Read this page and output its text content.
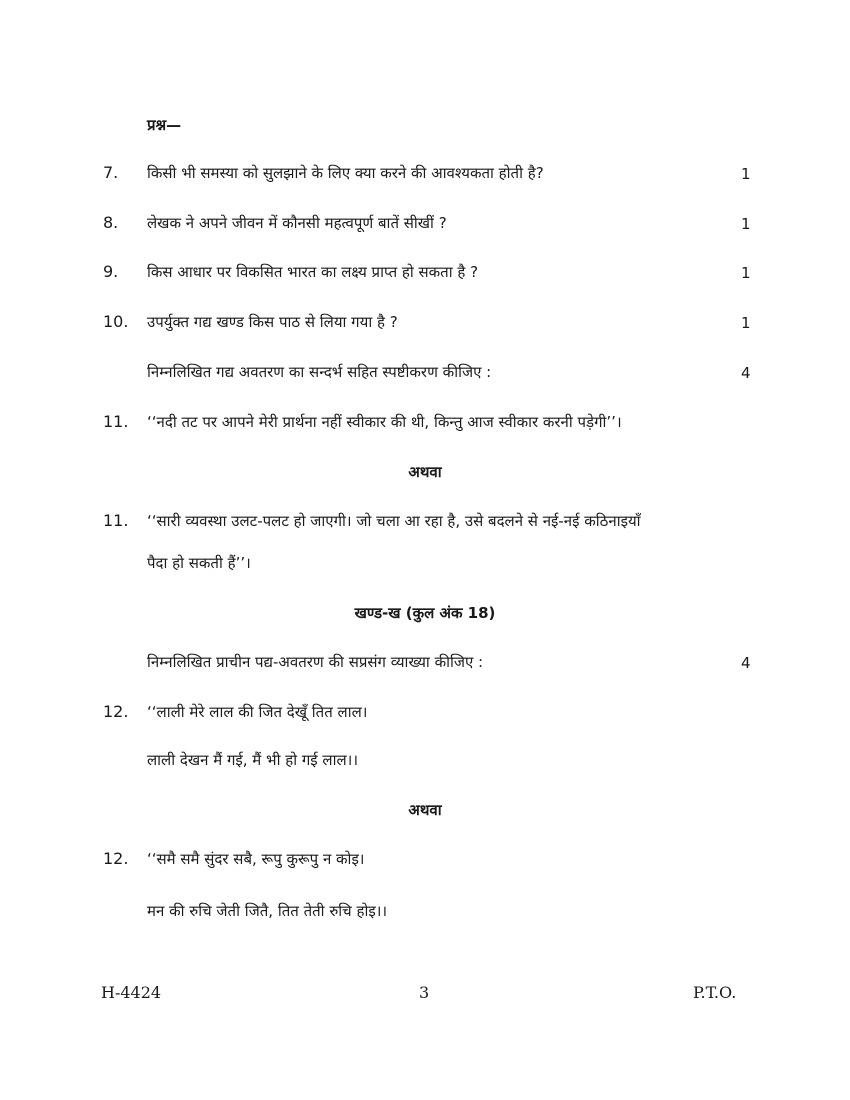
प्रश्न—
7. किसी भी समस्या को सुलझाने के लिए क्या करने की आवश्यकता होती है?	1
8. लेखक ने अपने जीवन में कौनसी महत्वपूर्ण बातें सीखीं ?	1
9. किस आधार पर विकसित भारत का लक्ष्य प्राप्त हो सकता है ?	1
10. उपर्युक्त गद्य खण्ड किस पाठ से लिया गया है ?	1
निम्नलिखित गद्य अवतरण का सन्दर्भ सहित स्पष्टीकरण कीजिए :	4
11. ‘‘नदी तट पर आपने मेरी प्रार्थना नहीं स्वीकार की थी, किन्तु आज स्वीकार करनी पड़ेगी’’।
अथवा
11. ‘‘सारी व्यवस्था उलट-पलट हो जाएगी। जो चला आ रहा है, उसे बदलने से नई-नई कठिनाइयाँ
पैदा हो सकती हैं’’।
खण्ड-ख (कुल अंक 18)
निम्नलिखित प्राचीन पद्य-अवतरण की सप्रसंग व्याख्या कीजिए :	4
12. ‘‘लाली मेरे लाल की जित देखूँ तित लाल।
लाली देखन मैं गई, मैं भी हो गई लाल।।
अथवा
12. ‘‘समै समै सुंदर सबै, रूपु कुरूपु न कोइ।
मन की रुचि जेती जितै, तित तेती रुचि होइ।।
H-4424	3	P.T.O.
